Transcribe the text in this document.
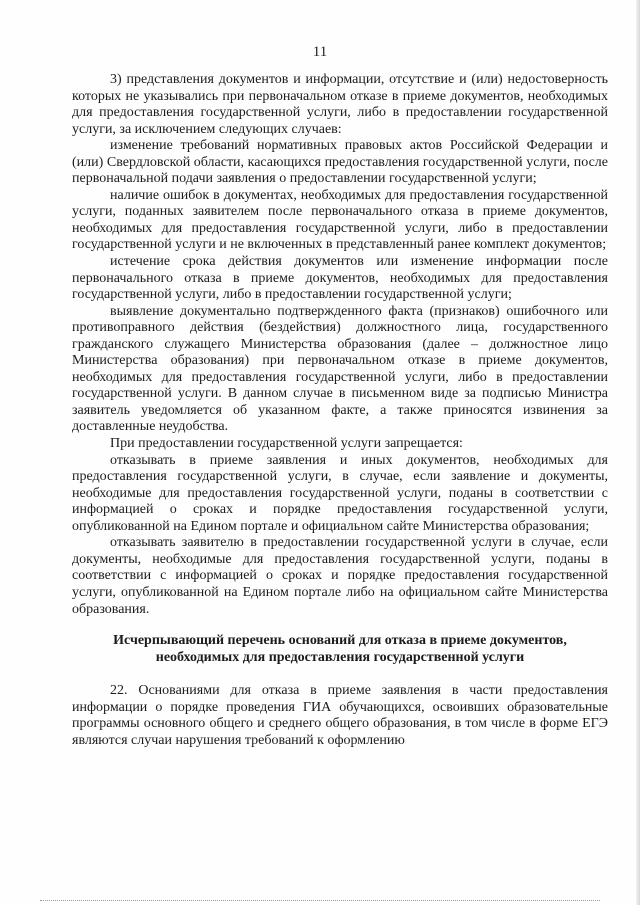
11

3) представления документов и информации, отсутствие и (или) недостоверность которых не указывались при первоначальном отказе в приеме документов, необходимых для предоставления государственной услуги, либо в предоставлении государственной услуги, за исключением следующих случаев:

изменение требований нормативных правовых актов Российской Федерации и (или) Свердловской области, касающихся предоставления государственной услуги, после первоначальной подачи заявления о предоставлении государственной услуги;

наличие ошибок в документах, необходимых для предоставления государственной услуги, поданных заявителем после первоначального отказа в приеме документов, необходимых для предоставления государственной услуги, либо в предоставлении государственной услуги и не включенных в представленный ранее комплект документов;

истечение срока действия документов или изменение информации после первоначального отказа в приеме документов, необходимых для предоставления государственной услуги, либо в предоставлении государственной услуги;

выявление документально подтвержденного факта (признаков) ошибочного или противоправного действия (бездействия) должностного лица, государственного гражданского служащего Министерства образования (далее – должностное лицо Министерства образования) при первоначальном отказе в приеме документов, необходимых для предоставления государственной услуги, либо в предоставлении государственной услуги. В данном случае в письменном виде за подписью Министра заявитель уведомляется об указанном факте, а также приносятся извинения за доставленные неудобства.

При предоставлении государственной услуги запрещается:

отказывать в приеме заявления и иных документов, необходимых для предоставления государственной услуги, в случае, если заявление и документы, необходимые для предоставления государственной услуги, поданы в соответствии с информацией о сроках и порядке предоставления государственной услуги, опубликованной на Едином портале и официальном сайте Министерства образования;

отказывать заявителю в предоставлении государственной услуги в случае, если документы, необходимые для предоставления государственной услуги, поданы в соответствии с информацией о сроках и порядке предоставления государственной услуги, опубликованной на Едином портале либо на официальном сайте Министерства образования.

Исчерпывающий перечень оснований для отказа в приеме документов, необходимых для предоставления государственной услуги

22. Основаниями для отказа в приеме заявления в части предоставления информации о порядке проведения ГИА обучающихся, освоивших образовательные программы основного общего и среднего общего образования, в том числе в форме ЕГЭ являются случаи нарушения требований к оформлению
